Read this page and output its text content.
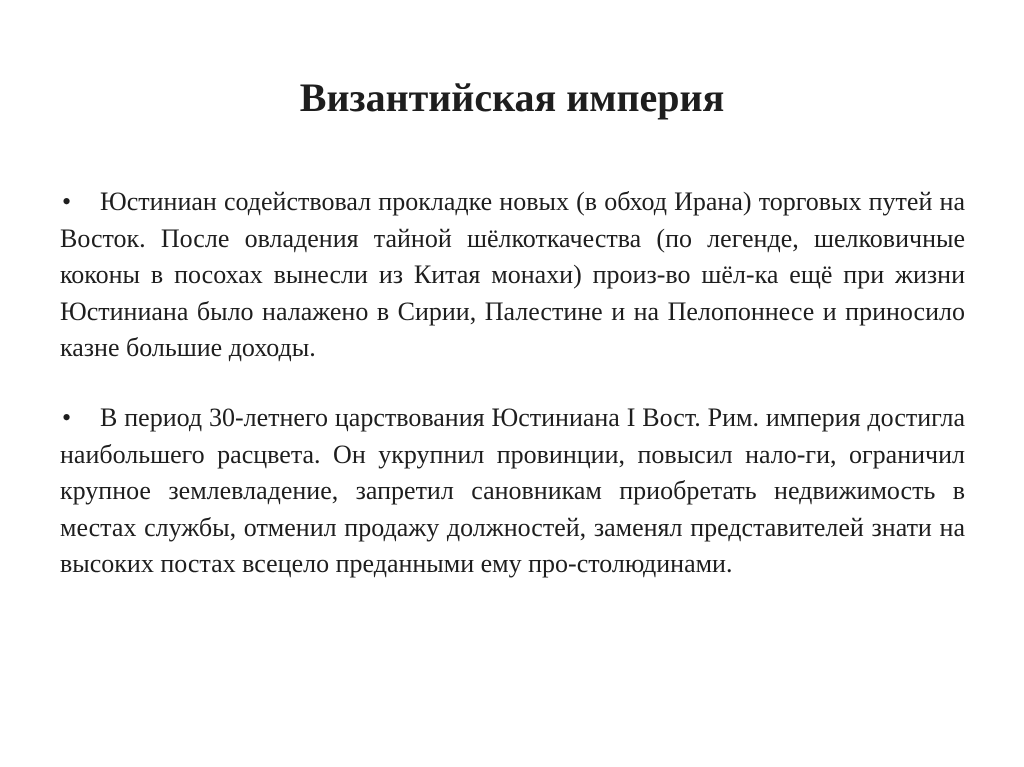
Византийская империя

• Юстиниан содействовал прокладке новых (в обход Ирана) торговых путей на Восток. После овладения тайной шёлкоткачества (по легенде, шелковичные коконы в посохах вынесли из Китая монахи) произ-во шёл-ка ещё при жизни Юстиниана было налажено в Сирии, Палестине и на Пелопоннесе и приносило казне большие доходы.

• В период 30-летнего царствования Юстиниана I Вост. Рим. империя достигла наибольшего расцвета. Он укрупнил провинции, повысил нало-ги, ограничил крупное землевладение, запретил сановникам приобретать недвижимость в местах службы, отменил продажу должностей, заменял представителей знати на высоких постах всецело преданными ему про-столюдинами.
